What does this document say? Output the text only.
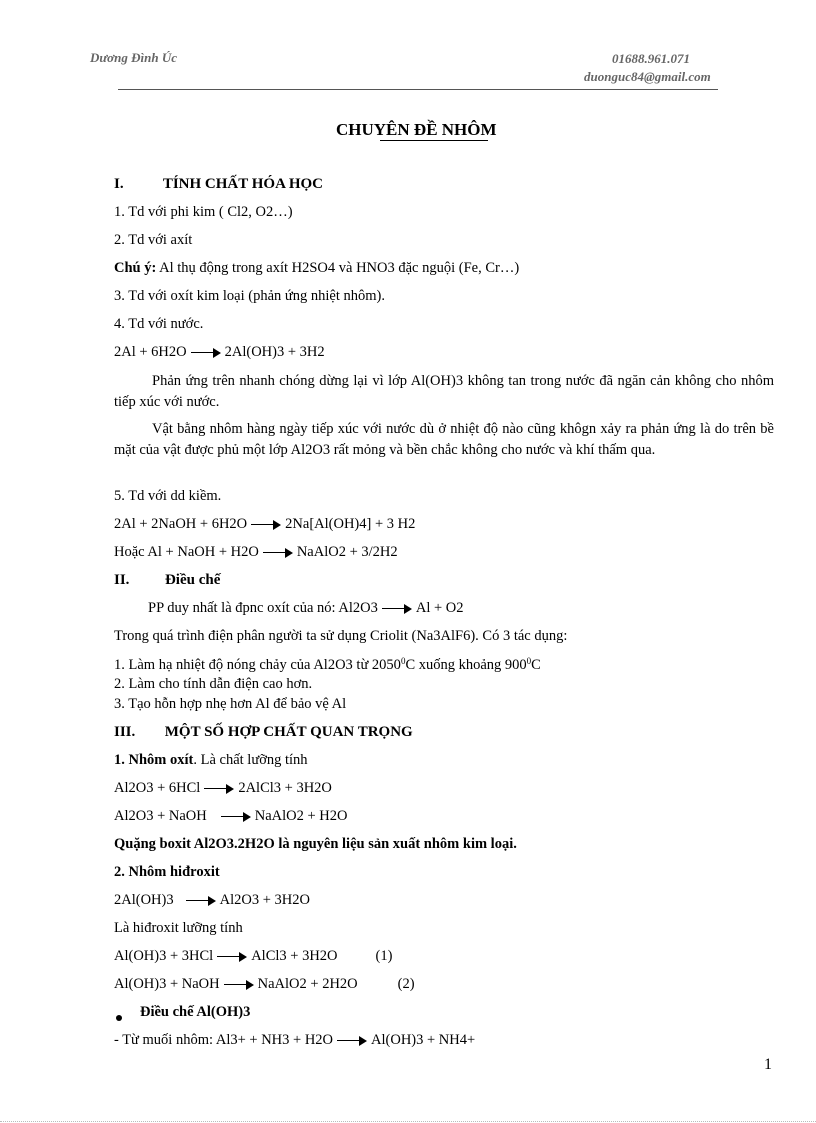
Dương Đình Úc	01688.961.071
duonguc84@gmail.com
CHUYÊN ĐỀ NHÔM
I.	TÍNH CHẤT HÓA HỌC
1. Td với phi kim ( Cl2, O2…)
2. Td với axít
Chú ý: Al thụ động trong axít H2SO4 và HNO3 đặc nguội (Fe, Cr…)
3. Td với oxít kim loại (phản ứng nhiệt nhôm).
4. Td với nước.
2Al + 6H2O	2Al(OH)3 + 3H2
Phản ứng trên nhanh chóng dừng lại vì lớp Al(OH)3 không tan trong nước đã ngăn cản không cho nhôm tiếp xúc với nước.
Vật bằng nhôm hàng ngày tiếp xúc với nước dù ở nhiệt độ nào cũng khôgn xảy ra phản ứng là do trên bề mặt của vật được phủ một lớp Al2O3 rất mỏng và bền chắc không cho nước và khí thấm qua.
5. Td với dd kiềm.
2Al + 2NaOH + 6H2O	2Na[Al(OH)4] + 3 H2
Hoặc Al + NaOH + H2O	NaAlO2 + 3/2H2
II. Điều chế
PP duy nhất là đpnc oxít của nó: Al2O3	Al + O2
Trong quá trình điện phân người ta sử dụng Criolit (Na3AlF6). Có 3 tác dụng:
1. Làm hạ nhiệt độ nóng chảy của Al2O3 từ 2050$^0$C xuống khoảng $900^0C$
2. Làm cho tính dẫn điện cao hơn.
3. Tạo hỗn hợp nhẹ hơn Al để bảo vệ Al
III. MỘT SỐ HỢP CHẤT QUAN TRỌNG
1. Nhôm oxít. Là chất lưỡng tính
Al2O3 + 6HCl	2AlCl3 + 3H2O
Al2O3 + NaOH	NaAlO2 + H2O
Quặng boxit Al2O3.2H2O là nguyên liệu sản xuất nhôm kim loại.
2. Nhôm hiđroxit
2Al(OH)3	Al2O3 + 3H2O
Là hiđroxit lưỡng tính
Al(OH)3 + 3HCl	AlCl3 + 3H2O	(1)
Al(OH)3 + NaOH	NaAlO2 + 2H2O	(2)
Điều chế Al(OH)3
- Từ muối nhôm: Al3+ + NH3 + H2O	Al(OH)3 + NH4+
1
